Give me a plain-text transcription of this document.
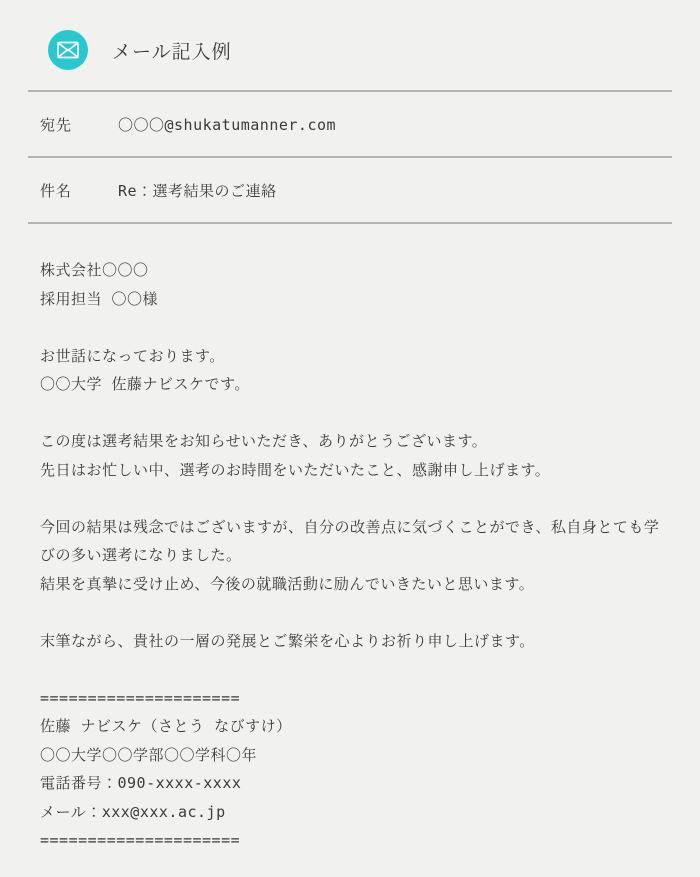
メール記入例
宛先	〇〇〇@shukatumanner.com
件名	Re：選考結果のご連絡
株式会社〇〇〇
採用担当 〇〇様

お世話になっております。
〇〇大学 佐藤ナビスケです。

この度は選考結果をお知らせいただき、ありがとうございます。
先日はお忙しい中、選考のお時間をいただいたこと、感謝申し上げます。

今回の結果は残念ではございますが、自分の改善点に気づくことができ、私自身とても学びの多い選考になりました。
結果を真摯に受け止め、今後の就職活動に励んでいきたいと思います。

末筆ながら、貴社の一層の発展とご繁栄を心よりお祈り申し上げます。

=====================
佐藤 ナビスケ（さとう なびすけ）
〇〇大学〇〇学部〇〇学科〇年
電話番号：090-xxxx-xxxx
メール：xxx@xxx.ac.jp
=====================
